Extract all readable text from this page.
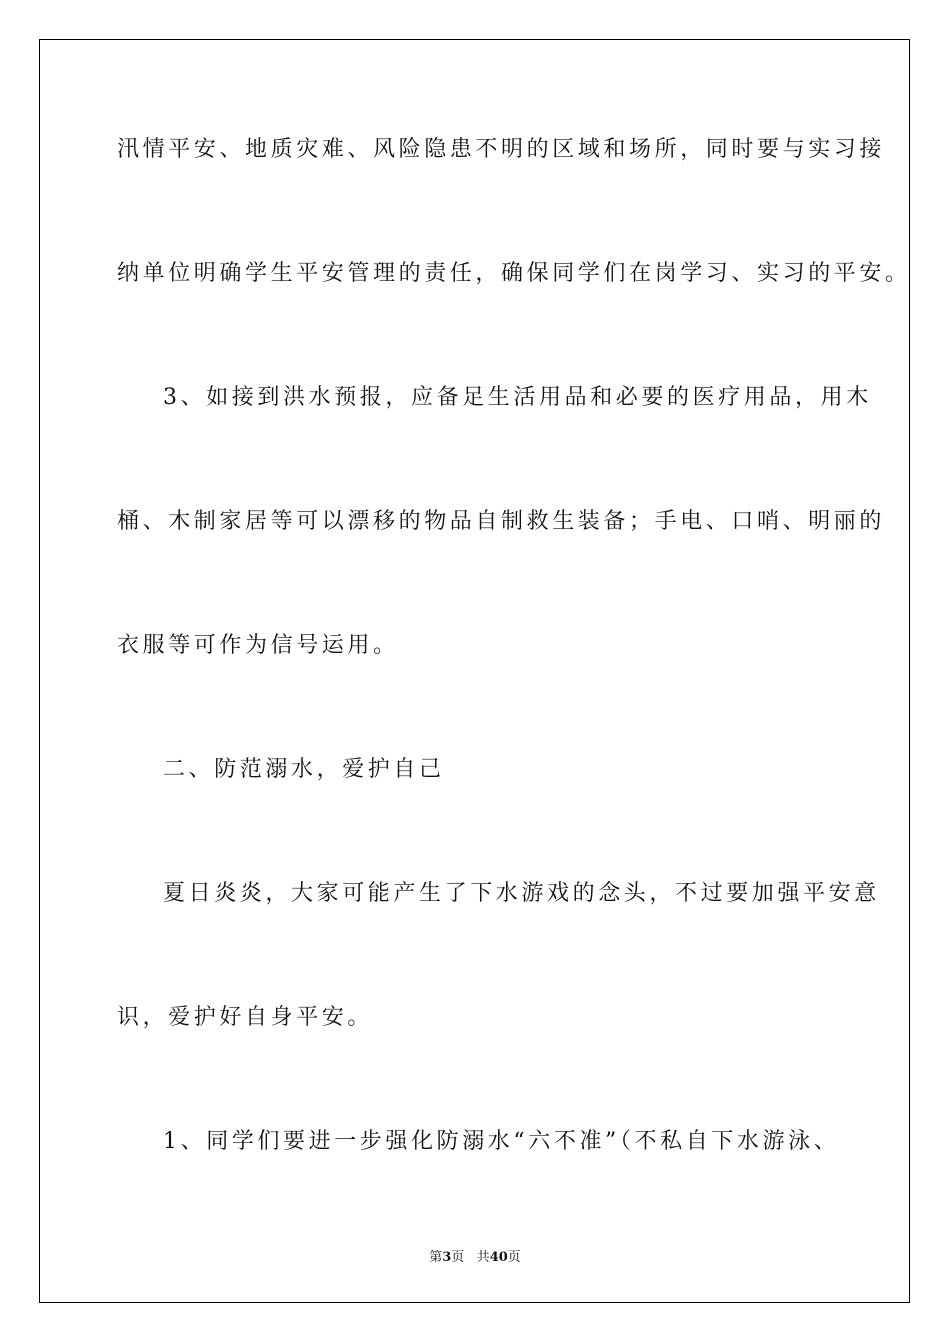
汛情平安、地质灾难、风险隐患不明的区域和场所，同时要与实习接
纳单位明确学生平安管理的责任，确保同学们在岗学习、实习的平安。
3、如接到洪水预报，应备足生活用品和必要的医疗用品，用木
桶、木制家居等可以漂移的物品自制救生装备；手电、口哨、明丽的
衣服等可作为信号运用。
二、防范溺水，爱护自己
夏日炎炎，大家可能产生了下水游戏的念头，不过要加强平安意
识，爱护好自身平安。
1、同学们要进一步强化防溺水“六不准”（不私自下水游泳、
第3页 共40页
